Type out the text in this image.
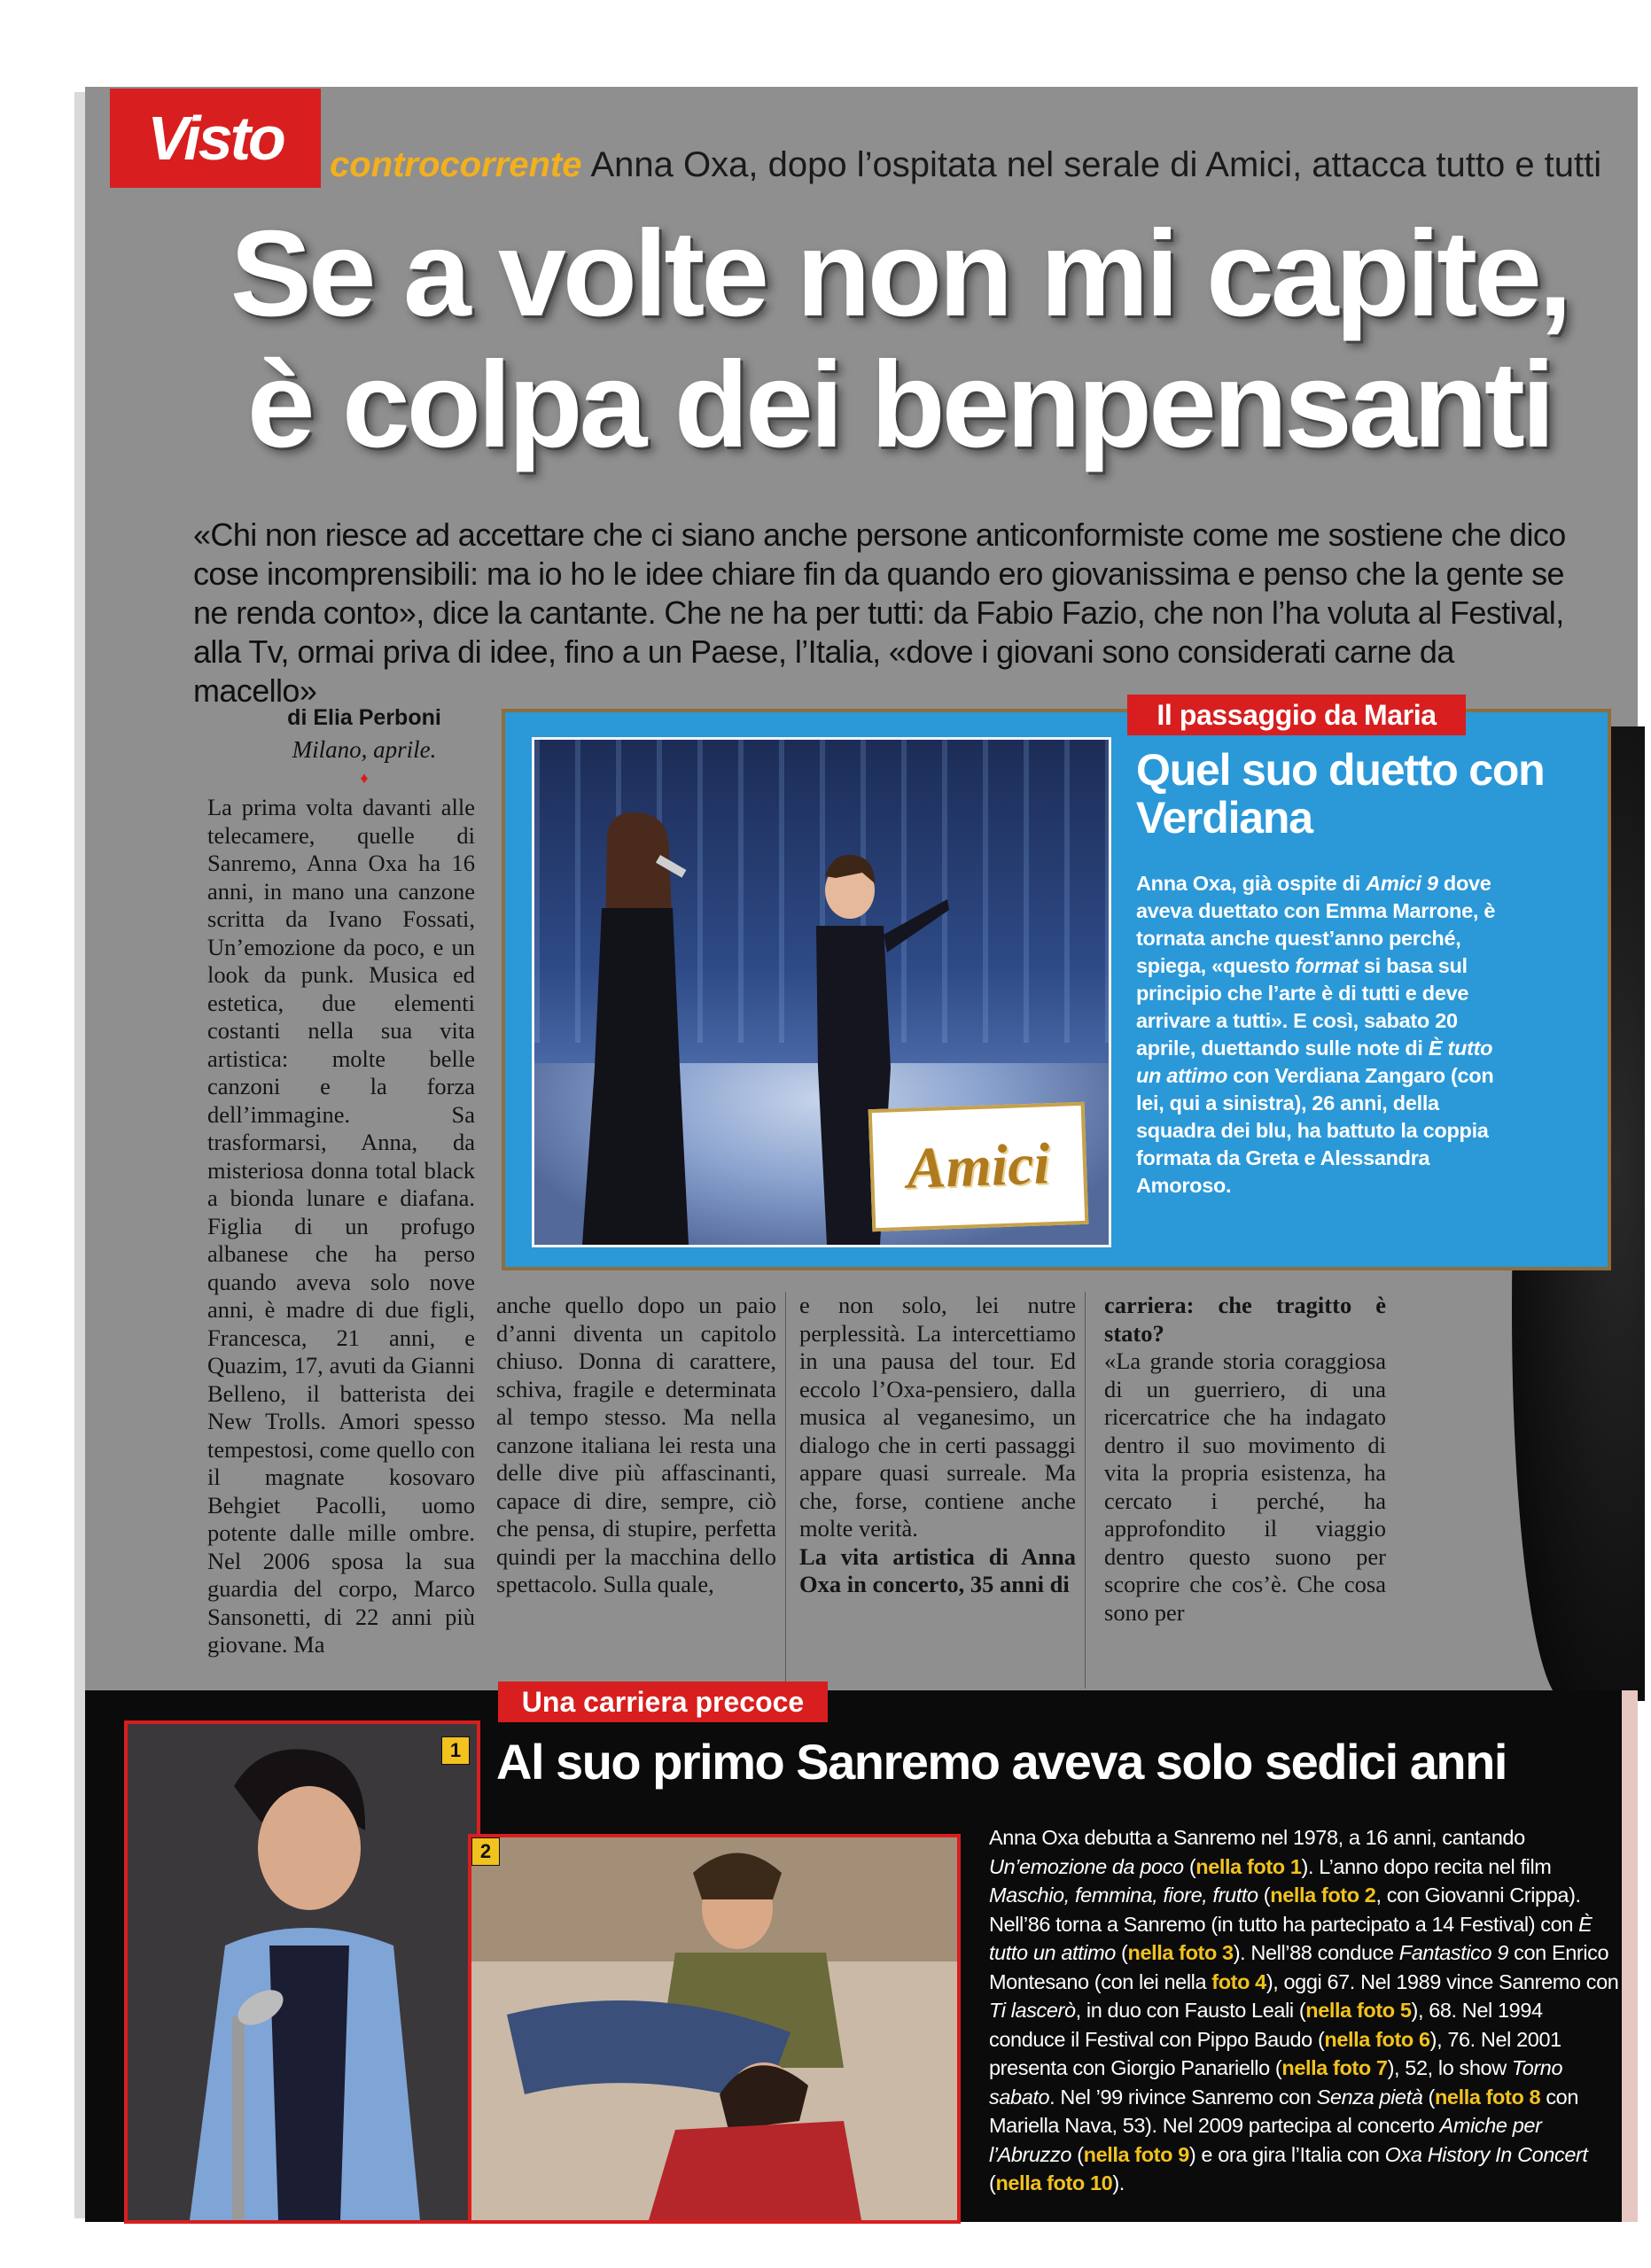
Visto	controcorrente Anna Oxa, dopo l’ospitata nel serale di Amici, attacca tutto e tutti
Se a volte non mi capite,
è colpa dei benpensanti
«Chi non riesce ad accettare che ci siano anche persone anticonformiste come me sostiene che dico cose incomprensibili: ma io ho le idee chiare fin da quando ero giovanissima e penso che la gente se ne renda conto», dice la cantante. Che ne ha per tutti: da Fabio Fazio, che non l’ha voluta al Festival, alla Tv, ormai priva di idee, fino a un Paese, l’Italia, «dove i giovani sono considerati carne da macello»
di Elia Perboni
Milano, aprile.
♦

La prima volta davanti alle telecamere, quelle di Sanremo, Anna Oxa ha 16 anni, in mano una canzone scritta da Ivano Fossati, Un’emozione da poco, e un look da punk. Musica ed estetica, due elementi costanti nella sua vita artistica: molte belle canzoni e la forza dell’immagine. Sa trasformarsi, Anna, da misteriosa donna total black a bionda lunare e diafana. Figlia di un profugo albanese che ha perso quando aveva solo nove anni, è madre di due figli, Francesca, 21 anni, e Quazim, 17, avuti da Gianni Belleno, il batterista dei New Trolls. Amori spesso tempestosi, come quello con il magnate kosovaro Behgiet Pacolli, uomo potente dalle mille ombre. Nel 2006 sposa la sua guardia del corpo, Marco Sansonetti, di 22 anni più giovane. Ma

anche quello dopo un paio d’anni diventa un capitolo chiuso. Donna di carattere, schiva, fragile e determinata al tempo stesso. Ma nella canzone italiana lei resta una delle dive più affascinanti, capace di dire, sempre, ciò che pensa, di stupire, perfetta quindi per la macchina dello spettacolo. Sulla quale,

e non solo, lei nutre perplessità. La intercettiamo in una pausa del tour. Ed eccolo l’Oxa-pensiero, dalla musica al veganesimo, un dialogo che in certi passaggi appare quasi surreale. Ma che, forse, contiene anche molte verità.

La vita artistica di Anna Oxa in concerto, 35 anni di

carriera: che tragitto è stato?

«La grande storia coraggiosa di un guerriero, di una ricercatrice che ha indagato dentro il suo movimento di vita la propria esistenza, ha cercato i perché, ha approfondito il viaggio dentro questo suono per scoprire che cos’è. Che cosa sono per

Amici
Il passaggio da Maria
Quel suo duetto con Verdiana
Anna Oxa, già ospite di Amici 9 dove aveva duettato con Emma Marrone, è tornata anche quest’anno perché, spiega, «questo format si basa sul principio che l’arte è di tutti e deve arrivare a tutti». E così, sabato 20 aprile, duettando sulle note di È tutto un attimo con Verdiana Zangaro (con lei, qui a sinistra), 26 anni, della squadra dei blu, ha battuto la coppia formata da Greta e Alessandra Amoroso.
Una carriera precoce
Al suo primo Sanremo aveva solo sedici anni
1
2
Anna Oxa debutta a Sanremo nel 1978, a 16 anni, cantando Un’emozione da poco (nella foto 1). L’anno dopo recita nel film Maschio, femmina, fiore, frutto (nella foto 2, con Giovanni Crippa). Nell’86 torna a Sanremo (in tutto ha partecipato a 14 Festival) con È tutto un attimo (nella foto 3). Nell’88 conduce Fantastico 9 con Enrico Montesano (con lei nella foto 4), oggi 67. Nel 1989 vince Sanremo con Ti lascerò, in duo con Fausto Leali (nella foto 5), 68. Nel 1994 conduce il Festival con Pippo Baudo (nella foto 6), 76. Nel 2001 presenta con Giorgio Panariello (nella foto 7), 52, lo show Torno sabato. Nel ’99 rivince Sanremo con Senza pietà (nella foto 8 con Mariella Nava, 53). Nel 2009 partecipa al concerto Amiche per l’Abruzzo (nella foto 9) e ora gira l’Italia con Oxa History In Concert (nella foto 10).
